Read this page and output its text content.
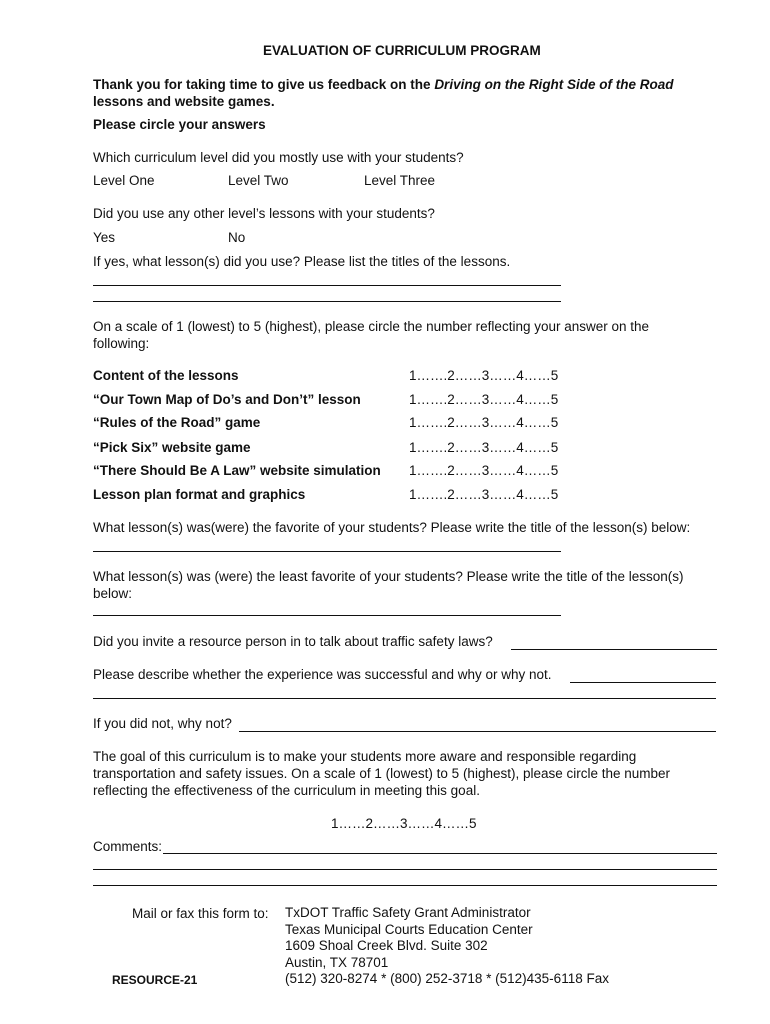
EVALUATION OF CURRICULUM PROGRAM
Thank you for taking time to give us feedback on the Driving on the Right Side of the Road lessons and website games.
Please circle your answers
Which curriculum level did you mostly use with your students?
Level One	Level Two	Level Three
Did you use any other level’s lessons with your students?
Yes	No
If yes, what lesson(s) did you use? Please list the titles of the lessons.
On a scale of 1 (lowest) to 5 (highest), please circle the number reflecting your answer on the following:
Content of the lessons	1…….2……3……4……5
“Our Town Map of Do’s and Don’t” lesson	1…….2……3……4……5
“Rules of the Road” game	1…….2……3……4……5
“Pick Six” website game	1…….2……3……4……5
“There Should Be A Law” website simulation 1…….2……3……4……5
Lesson plan format and graphics	1…….2……3……4……5
What lesson(s) was(were) the favorite of your students? Please write the title of the lesson(s) below:
What lesson(s) was (were) the least favorite of your students? Please write the title of the lesson(s) below:
Did you invite a resource person in to talk about traffic safety laws?
Please describe whether the experience was successful and why or why not.
If you did not, why not?
The goal of this curriculum is to make your students more aware and responsible regarding transportation and safety issues. On a scale of 1 (lowest) to 5 (highest), please circle the number reflecting the effectiveness of the curriculum in meeting this goal.
1……2……3……4……5
Comments:
Mail or fax this form to: TxDOT Traffic Safety Grant Administrator
Texas Municipal Courts Education Center
1609 Shoal Creek Blvd. Suite 302
Austin, TX 78701
(512) 320-8274 * (800) 252-3718 * (512)435-6118 Fax
RESOURCE-21
